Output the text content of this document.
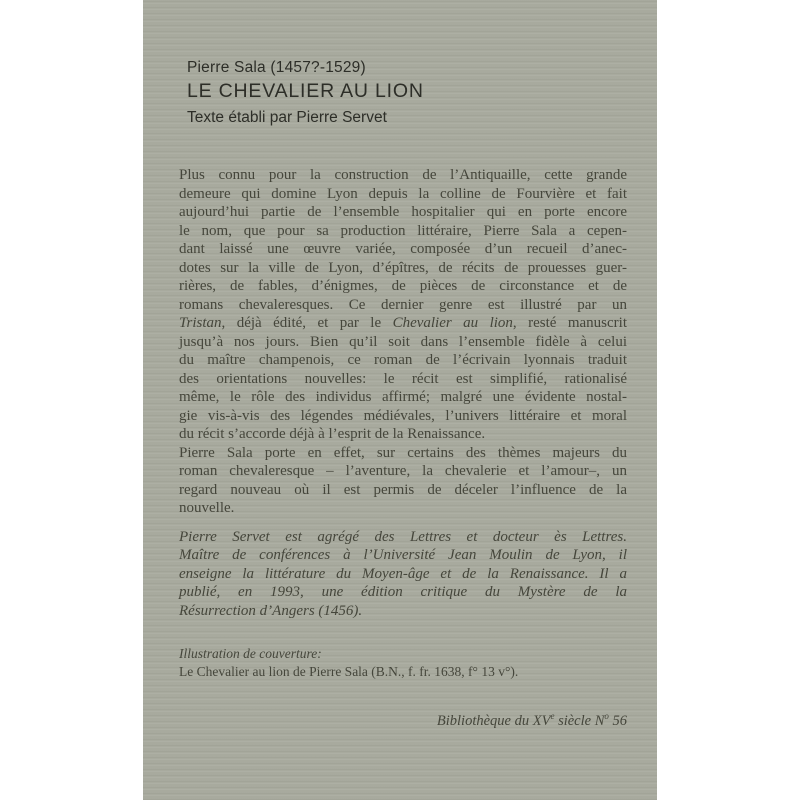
Pierre Sala (1457?-1529)
LE CHEVALIER AU LION
Texte établi par Pierre Servet
Plus connu pour la construction de l’Antiquaille, cette grande
demeure qui domine Lyon depuis la colline de Fourvière et fait
aujourd’hui partie de l’ensemble hospitalier qui en porte encore
le nom, que pour sa production littéraire, Pierre Sala a cepen-
dant laissé une œuvre variée, composée d’un recueil d’anec-
dotes sur la ville de Lyon, d’épîtres, de récits de prouesses guer-
rières, de fables, d’énigmes, de pièces de circonstance et de
romans chevaleresques. Ce dernier genre est illustré par un
Tristan, déjà édité, et par le Chevalier au lion, resté manuscrit
jusqu’à nos jours. Bien qu’il soit dans l’ensemble fidèle à celui
du maître champenois, ce roman de l’écrivain lyonnais traduit
des orientations nouvelles: le récit est simplifié, rationalisé
même, le rôle des individus affirmé; malgré une évidente nostal-
gie vis-à-vis des légendes médiévales, l’univers littéraire et moral
du récit s’accorde déjà à l’esprit de la Renaissance.
Pierre Sala porte en effet, sur certains des thèmes majeurs du
roman chevaleresque – l’aventure, la chevalerie et l’amour–, un
regard nouveau où il est permis de déceler l’influence de la
nouvelle.
Pierre Servet est agrégé des Lettres et docteur ès Lettres.
Maître de conférences à l’Université Jean Moulin de Lyon, il
enseigne la littérature du Moyen-âge et de la Renaissance. Il a
publié, en 1993, une édition critique du Mystère de la
Résurrection d’Angers (1456).
Illustration de couverture:
Le Chevalier au lion de Pierre Sala (B.N., f. fr. 1638, f° 13 v°).
Bibliothèque du XVe siècle $N^o$ 56
